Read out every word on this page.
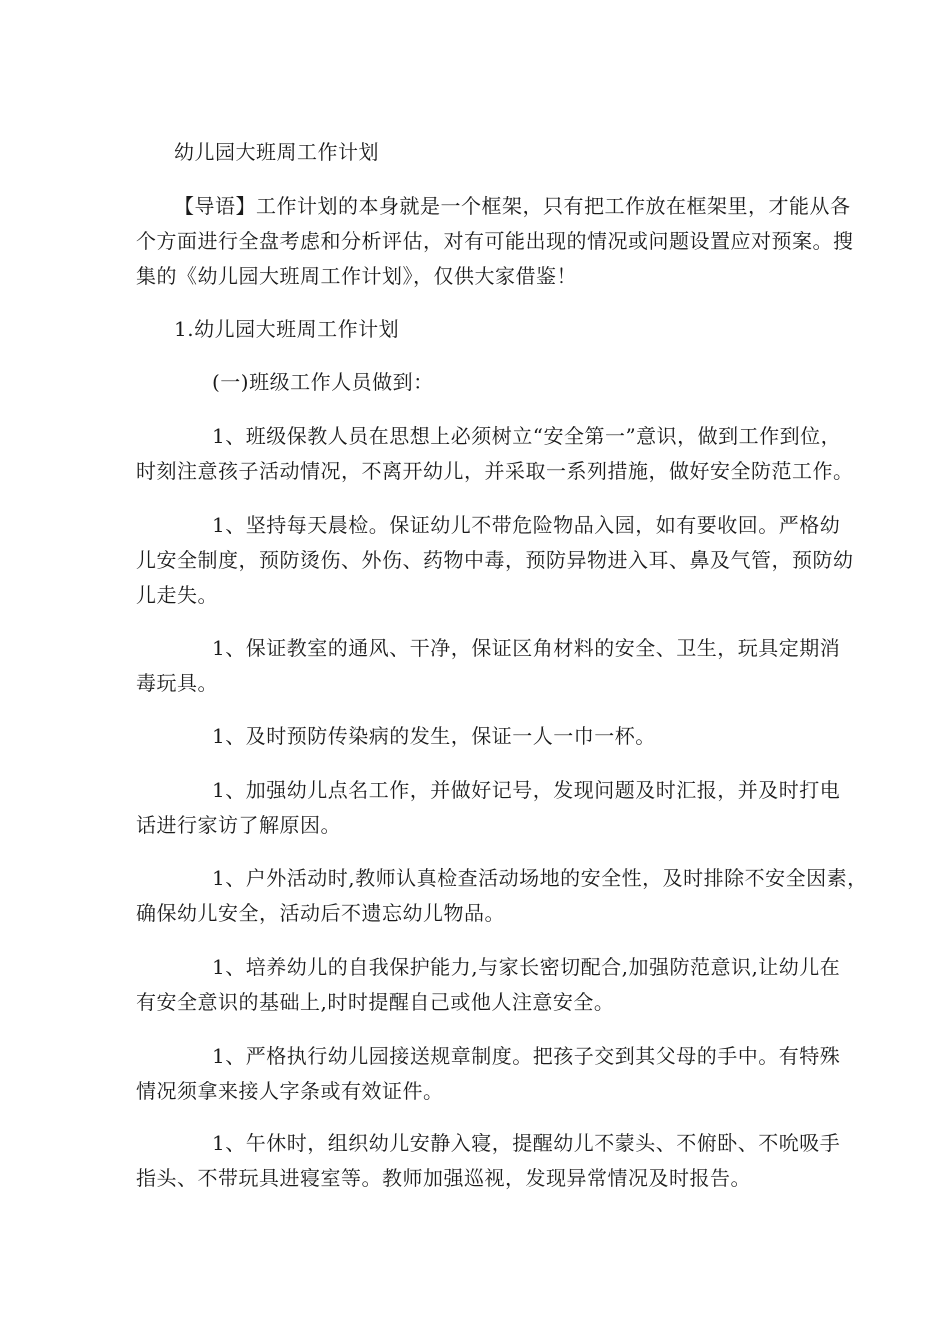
幼儿园大班周工作计划
【导语】工作计划的本身就是一个框架，只有把工作放在框架里，才能从各
个方面进行全盘考虑和分析评估，对有可能出现的情况或问题设置应对预案。搜
集的《幼儿园大班周工作计划》，仅供大家借鉴！
1.幼儿园大班周工作计划
(一)班级工作人员做到：
1、班级保教人员在思想上必须树立“安全第一”意识，做到工作到位，
时刻注意孩子活动情况，不离开幼儿，并采取一系列措施，做好安全防范工作。
1、坚持每天晨检。保证幼儿不带危险物品入园，如有要收回。严格幼
儿安全制度，预防烫伤、外伤、药物中毒，预防异物进入耳、鼻及气管，预防幼
儿走失。
1、保证教室的通风、干净，保证区角材料的安全、卫生，玩具定期消
毒玩具。
1、及时预防传染病的发生，保证一人一巾一杯。
1、加强幼儿点名工作，并做好记号，发现问题及时汇报，并及时打电
话进行家访了解原因。
1、户外活动时,教师认真检查活动场地的安全性，及时排除不安全因素，
确保幼儿安全，活动后不遗忘幼儿物品。
1、培养幼儿的自我保护能力,与家长密切配合,加强防范意识,让幼儿在
有安全意识的基础上,时时提醒自己或他人注意安全。
1、严格执行幼儿园接送规章制度。把孩子交到其父母的手中。有特殊
情况须拿来接人字条或有效证件。
1、午休时，组织幼儿安静入寝，提醒幼儿不蒙头、不俯卧、不吮吸手
指头、不带玩具进寝室等。教师加强巡视，发现异常情况及时报告。
